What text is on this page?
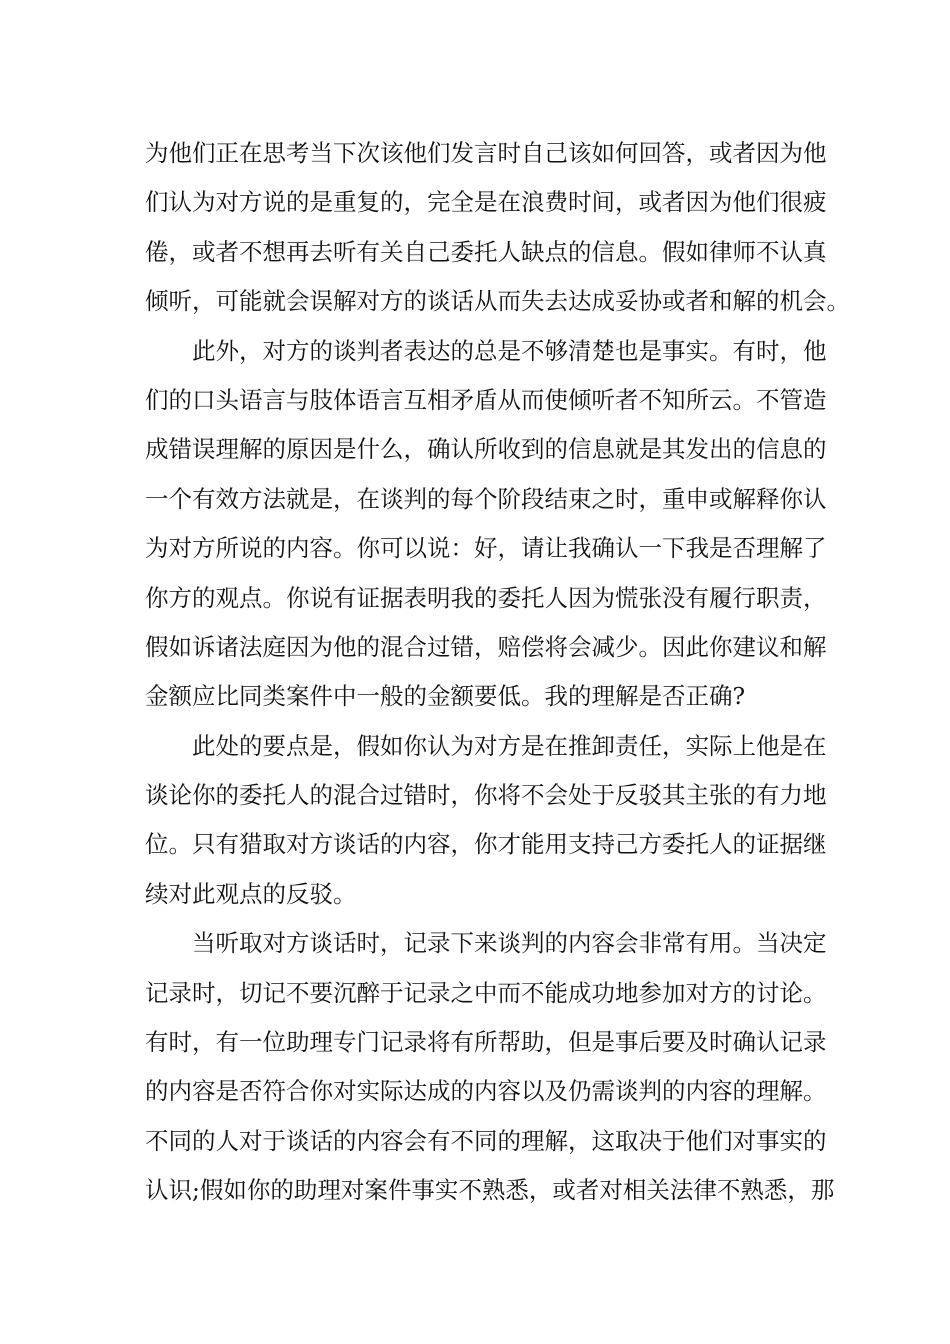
为他们正在思考当下次该他们发言时自己该如何回答，或者因为他
们认为对方说的是重复的，完全是在浪费时间，或者因为他们很疲
倦，或者不想再去听有关自己委托人缺点的信息。假如律师不认真
倾听，可能就会误解对方的谈话从而失去达成妥协或者和解的机会。
此外，对方的谈判者表达的总是不够清楚也是事实。有时，他
们的口头语言与肢体语言互相矛盾从而使倾听者不知所云。不管造
成错误理解的原因是什么，确认所收到的信息就是其发出的信息的
一个有效方法就是，在谈判的每个阶段结束之时，重申或解释你认
为对方所说的内容。你可以说：好，请让我确认一下我是否理解了
你方的观点。你说有证据表明我的委托人因为慌张没有履行职责，
假如诉诸法庭因为他的混合过错，赔偿将会减少。因此你建议和解
金额应比同类案件中一般的金额要低。我的理解是否正确?
此处的要点是，假如你认为对方是在推卸责任，实际上他是在
谈论你的委托人的混合过错时，你将不会处于反驳其主张的有力地
位。只有猎取对方谈话的内容，你才能用支持己方委托人的证据继
续对此观点的反驳。
当听取对方谈话时，记录下来谈判的内容会非常有用。当决定
记录时，切记不要沉醉于记录之中而不能成功地参加对方的讨论。
有时，有一位助理专门记录将有所帮助，但是事后要及时确认记录
的内容是否符合你对实际达成的内容以及仍需谈判的内容的理解。
不同的人对于谈话的内容会有不同的理解，这取决于他们对事实的
认识;假如你的助理对案件事实不熟悉，或者对相关法律不熟悉，那
